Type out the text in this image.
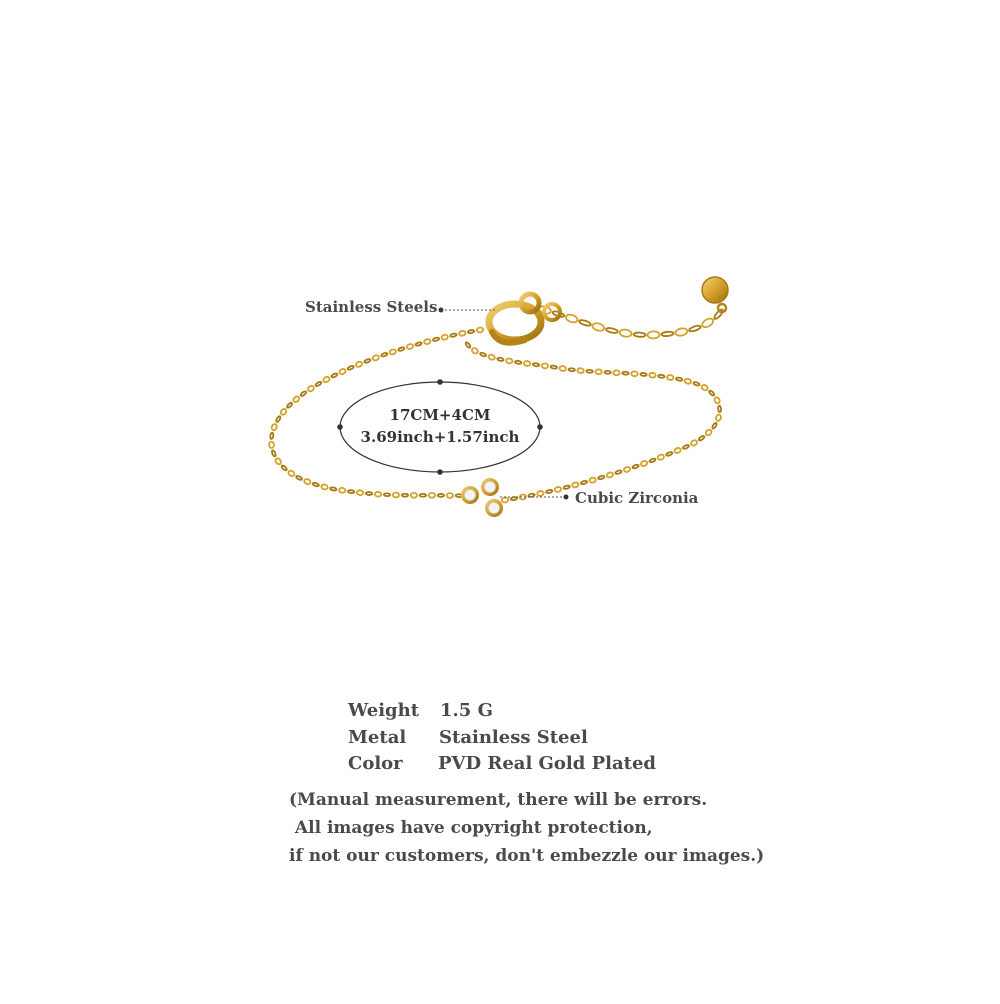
Stainless Steels
Cubic Zirconia
17CM+4CM
3.69inch+1.57inch
Weight 1.5 G
Metal Stainless Steel
Color PVD Real Gold Plated
(Manual measurement, there will be errors.
All images have copyright protection,
if not our customers, don't embezzle our images.)
